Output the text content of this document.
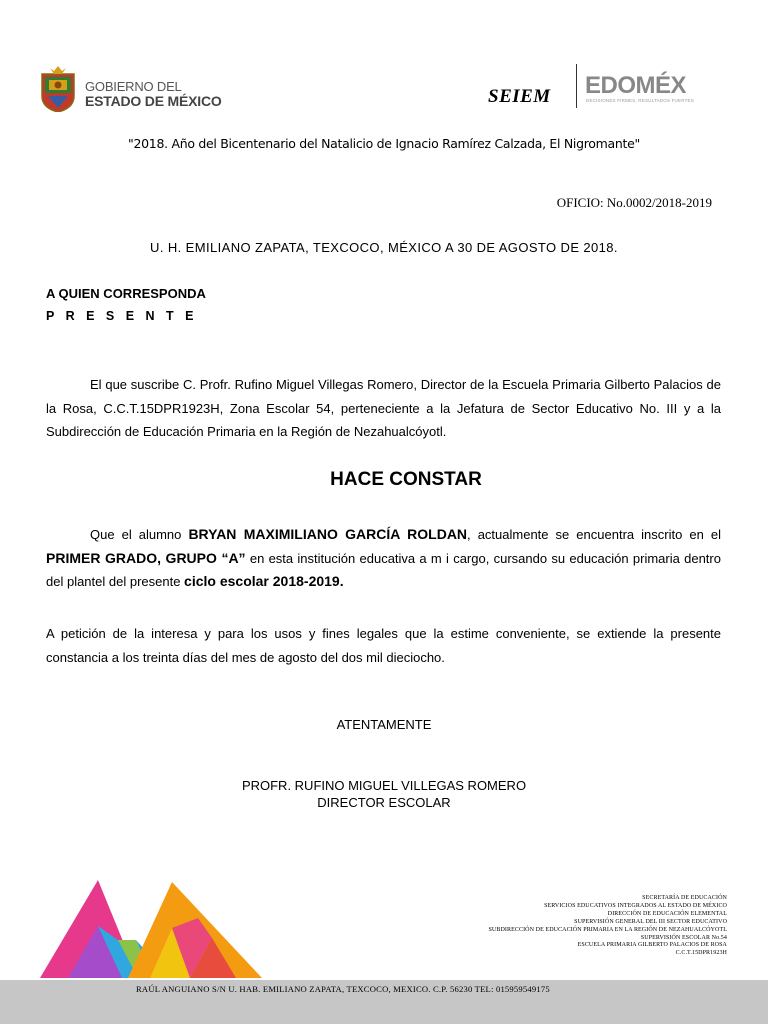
GOBIERNO DEL
ESTADO DE MÉXICO	SEIEM EDOMÉX
DECISIONES FIRMES, RESULTADOS FUERTES
"2018. Año del Bicentenario del Natalicio de Ignacio Ramírez Calzada, El Nigromante"
OFICIO: No.0002/2018-2019
U. H. EMILIANO ZAPATA, TEXCOCO, MÉXICO A 30 DE AGOSTO DE 2018.
A QUIEN CORRESPONDA
P R E S E N T E
El que suscribe C. Profr. Rufino Miguel Villegas Romero, Director de la Escuela Primaria Gilberto Palacios de la Rosa, C.C.T.15DPR1923H, Zona Escolar 54, perteneciente a la Jefatura de Sector Educativo No. III y a la Subdirección de Educación Primaria en la Región de Nezahualcóyotl.
HACE CONSTAR
Que el alumno BRYAN MAXIMILIANO GARCÍA ROLDAN, actualmente se encuentra inscrito en el PRIMER GRADO, GRUPO “A” en esta institución educativa a m i cargo, cursando su educación primaria dentro del plantel del presente ciclo escolar 2018-2019.
A petición de la interesa y para los usos y fines legales que la estime conveniente, se extiende la presente constancia a los treinta días del mes de agosto del dos mil dieciocho.
ATENTAMENTE
PROFR. RUFINO MIGUEL VILLEGAS ROMERO
DIRECTOR ESCOLAR
SECRETARÍA DE EDUCACIÓN
SERVICIOS EDUCATIVOS INTEGRADOS AL ESTADO DE MÉXICO
DIRECCIÓN DE EDUCACIÓN ELEMENTAL
SUPERVISIÓN GENERAL DEL III SECTOR EDUCATIVO
SUBDIRECCIÓN DE EDUCACIÓN PRIMARIA EN LA REGIÓN DE NEZAHUALCÓYOTL
SUPERVISIÓN ESCOLAR No.54
ESCUELA PRIMARIA GILBERTO PALACIOS DE ROSA
C.C.T.15DPR1923H
RAÚL ANGUIANO S/N U. HAB. EMILIANO ZAPATA, TEXCOCO, MEXICO. C.P. 56230 TEL: 015959549175
